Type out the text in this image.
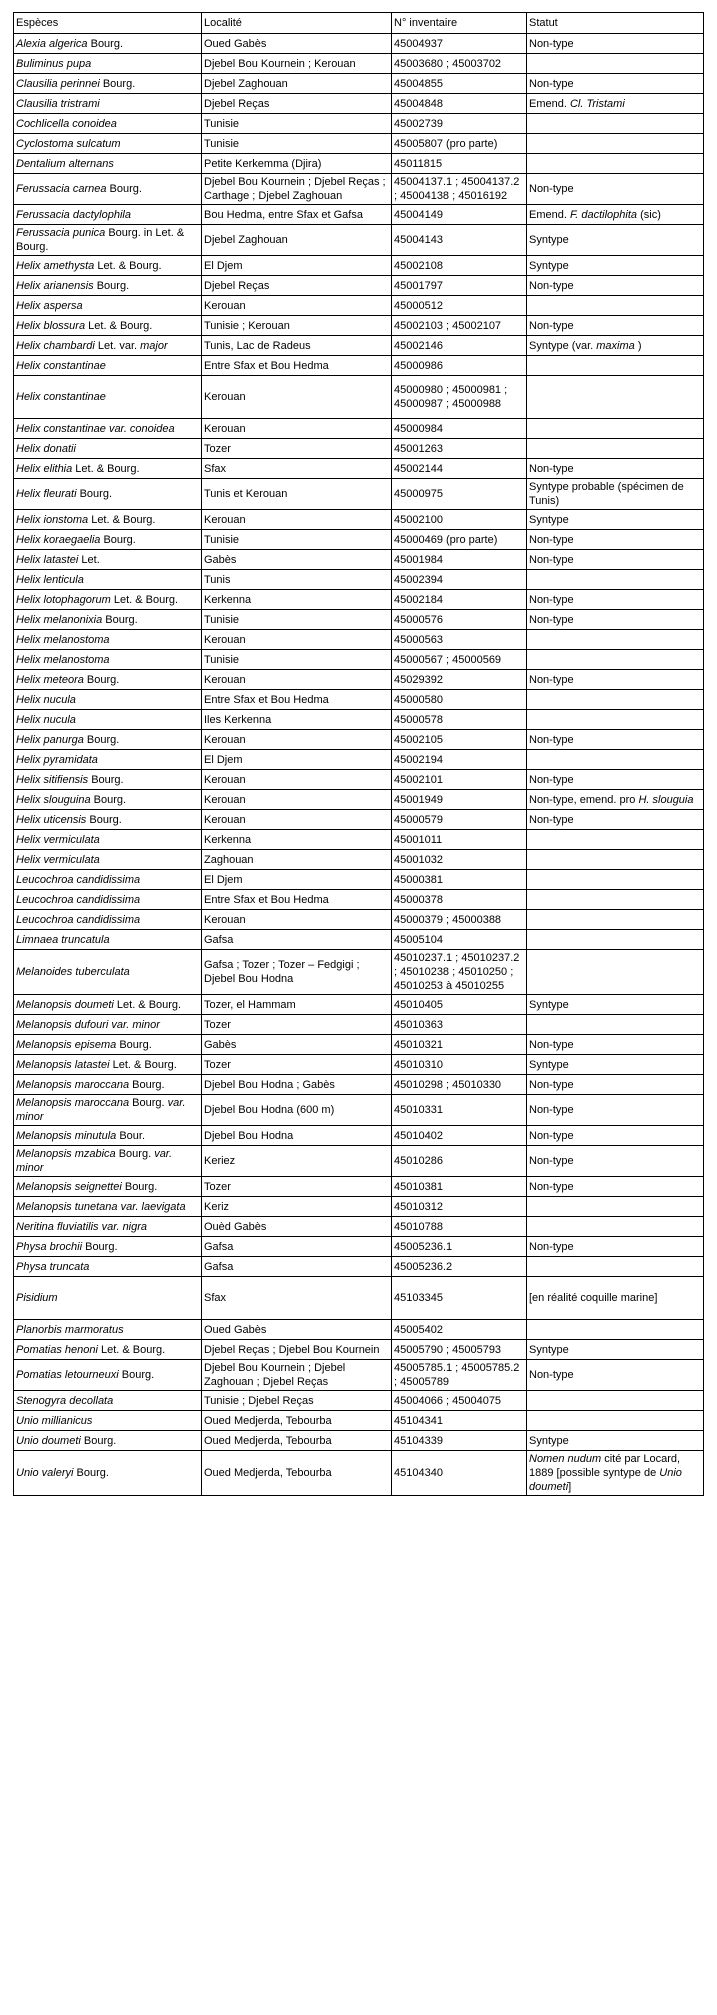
Espèces	Localité	N° inventaire	Statut
Alexia algerica Bourg.	Oued Gabès	45004937	Non-type
Buliminus pupa	Djebel Bou Kournein ; Kerouan	45003680 ; 45003702	
Clausilia perinnei Bourg.	Djebel Zaghouan	45004855	Non-type
Clausilia tristrami	Djebel Reças	45004848	Emend. Cl. Tristami
Cochlicella conoidea	Tunisie	45002739	
Cyclostoma sulcatum	Tunisie	45005807 (pro parte)	
Dentalium alternans	Petite Kerkemma (Djira)	45011815	
Ferussacia carnea Bourg.	Djebel Bou Kournein ; Djebel Reças ; Carthage ; Djebel Zaghouan	45004137.1 ; 45004137.2 ; 45004138 ; 45016192	Non-type
Ferussacia dactylophila	Bou Hedma, entre Sfax et Gafsa	45004149	Emend. F. dactilophita (sic)
Ferussacia punica Bourg. in Let. & Bourg.	Djebel Zaghouan	45004143	Syntype
Helix amethysta Let. & Bourg.	El Djem	45002108	Syntype
Helix arianensis Bourg.	Djebel Reças	45001797	Non-type
Helix aspersa	Kerouan	45000512	
Helix blossura Let. & Bourg.	Tunisie ; Kerouan	45002103 ; 45002107	Non-type
Helix chambardi Let. var. major	Tunis, Lac de Radeus	45002146	Syntype (var. maxima )
Helix constantinae	Entre Sfax et Bou Hedma	45000986	
Helix constantinae	Kerouan	45000980 ; 45000981 ; 45000987 ; 45000988	
Helix constantinae var. conoidea	Kerouan	45000984	
Helix donatii	Tozer	45001263	
Helix elithia Let. & Bourg.	Sfax	45002144	Non-type
Helix fleurati Bourg.	Tunis et Kerouan	45000975	Syntype probable (spécimen de Tunis)
Helix ionstoma Let. & Bourg.	Kerouan	45002100	Syntype
Helix koraegaelia Bourg.	Tunisie	45000469 (pro parte)	Non-type
Helix latastei Let.	Gabès	45001984	Non-type
Helix lenticula	Tunis	45002394	
Helix lotophagorum Let. & Bourg.	Kerkenna	45002184	Non-type
Helix melanonixia Bourg.	Tunisie	45000576	Non-type
Helix melanostoma	Kerouan	45000563	
Helix melanostoma	Tunisie	45000567 ; 45000569	
Helix meteora Bourg.	Kerouan	45029392	Non-type
Helix nucula	Entre Sfax et Bou Hedma	45000580	
Helix nucula	Iles Kerkenna	45000578	
Helix panurga Bourg.	Kerouan	45002105	Non-type
Helix pyramidata	El Djem	45002194	
Helix sitifiensis Bourg.	Kerouan	45002101	Non-type
Helix slouguina Bourg.	Kerouan	45001949	Non-type, emend. pro H. slouguia
Helix uticensis Bourg.	Kerouan	45000579	Non-type
Helix vermiculata	Kerkenna	45001011	
Helix vermiculata	Zaghouan	45001032	
Leucochroa candidissima	El Djem	45000381	
Leucochroa candidissima	Entre Sfax et Bou Hedma	45000378	
Leucochroa candidissima	Kerouan	45000379 ; 45000388	
Limnaea truncatula	Gafsa	45005104	
Melanoides tuberculata	Gafsa ; Tozer ; Tozer – Fedgigi ; Djebel Bou Hodna	45010237.1 ; 45010237.2 ; 45010238 ; 45010250 ; 45010253 à 45010255	
Melanopsis doumeti Let. & Bourg.	Tozer, el Hammam	45010405	Syntype
Melanopsis dufouri var. minor	Tozer	45010363	
Melanopsis episema Bourg.	Gabès	45010321	Non-type
Melanopsis latastei Let. & Bourg.	Tozer	45010310	Syntype
Melanopsis maroccana Bourg.	Djebel Bou Hodna ; Gabès	45010298 ; 45010330	Non-type
Melanopsis maroccana Bourg. var. minor	Djebel Bou Hodna (600 m)	45010331	Non-type
Melanopsis minutula Bour.	Djebel Bou Hodna	45010402	Non-type
Melanopsis mzabica Bourg. var. minor	Keriez	45010286	Non-type
Melanopsis seignettei Bourg.	Tozer	45010381	Non-type
Melanopsis tunetana var. laevigata	Keriz	45010312	
Neritina fluviatilis var. nigra	Ouèd Gabès	45010788	
Physa brochii Bourg.	Gafsa	45005236.1	Non-type
Physa truncata	Gafsa	45005236.2	
Pisidium	Sfax	45103345	[en réalité coquille marine]
Planorbis marmoratus	Oued Gabès	45005402	
Pomatias henoni Let. & Bourg.	Djebel Reças ; Djebel Bou Kournein	45005790 ; 45005793	Syntype
Pomatias letourneuxi Bourg.	Djebel Bou Kournein ; Djebel Zaghouan ; Djebel Reças	45005785.1 ; 45005785.2 ; 45005789	Non-type
Stenogyra decollata	Tunisie ; Djebel Reças	45004066 ; 45004075	
Unio millianicus	Oued Medjerda, Tebourba	45104341	
Unio doumeti Bourg.	Oued Medjerda, Tebourba	45104339	Syntype
Unio valeryi Bourg.	Oued Medjerda, Tebourba	45104340	Nomen nudum cité par Locard, 1889 [possible syntype de Unio doumeti]
